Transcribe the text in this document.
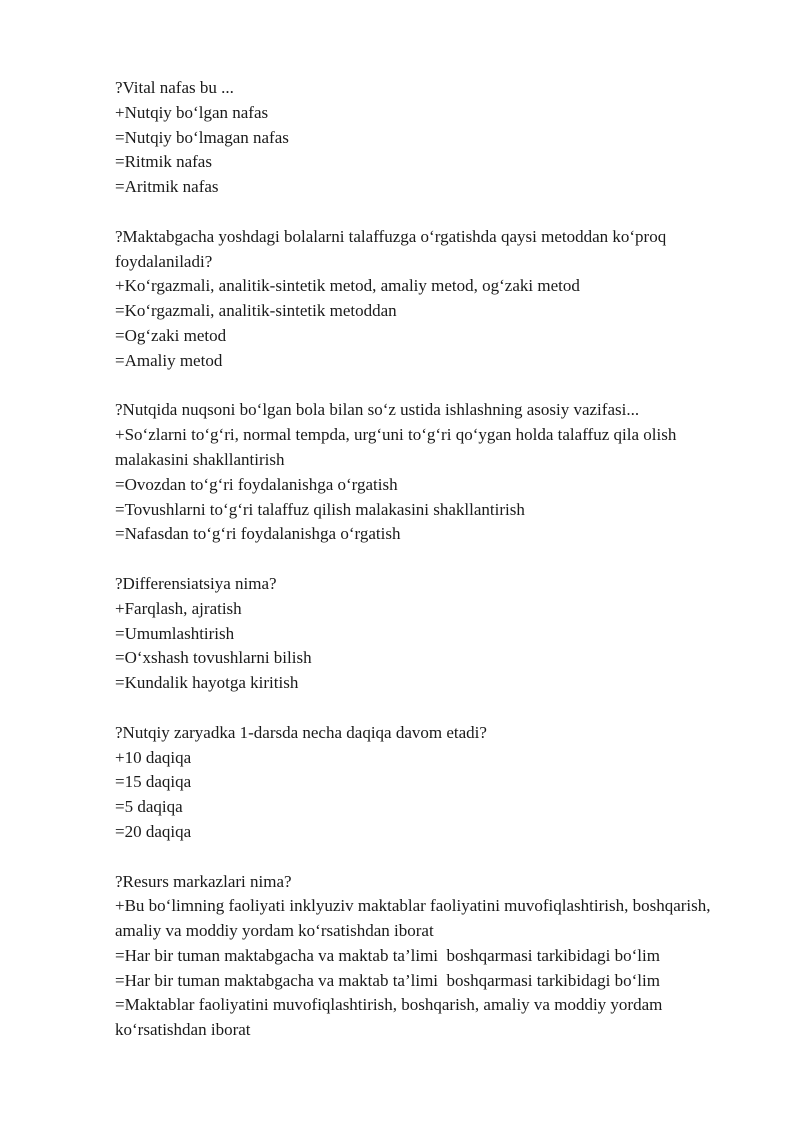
?Vital nafas bu ...
+Nutqiy bo‘lgan nafas
=Nutqiy bo‘lmagan nafas
=Ritmik nafas
=Aritmik nafas
?Maktabgacha yoshdagi bolalarni talaffuzga o‘rgatishda qaysi metoddan ko‘proq foydalaniladi?
+Ko‘rgazmali, analitik-sintetik metod, amaliy metod, og‘zaki metod
=Ko‘rgazmali, analitik-sintetik metoddan
=Og‘zaki metod
=Amaliy metod
?Nutqida nuqsoni bo‘lgan bola bilan so‘z ustida ishlashning asosiy vazifasi...
+So‘zlarni to‘g‘ri, normal tempda, urg‘uni to‘g‘ri qo‘ygan holda talaffuz qila olish malakasini shakllantirish
=Ovozdan to‘g‘ri foydalanishga o‘rgatish
=Tovushlarni to‘g‘ri talaffuz qilish malakasini shakllantirish
=Nafasdan to‘g‘ri foydalanishga o‘rgatish
?Differensiatsiya nima?
+Farqlash, ajratish
=Umumlashtirish
=O‘xshash tovushlarni bilish
=Kundalik hayotga kiritish
?Nutqiy zaryadka 1-darsda necha daqiqa davom etadi?
+10 daqiqa
=15 daqiqa
=5 daqiqa
=20 daqiqa
?Resurs markazlari nima?
+Bu bo‘limning faoliyati inklyuziv maktablar faoliyatini muvofiqlashtirish, boshqarish, amaliy va moddiy yordam ko‘rsatishdan iborat
=Har bir tuman maktabgacha va maktab ta’limi  boshqarmasi tarkibidagi bo‘lim
=Har bir tuman maktabgacha va maktab ta’limi  boshqarmasi tarkibidagi bo‘lim
=Maktablar faoliyatini muvofiqlashtirish, boshqarish, amaliy va moddiy yordam ko‘rsatishdan iborat
